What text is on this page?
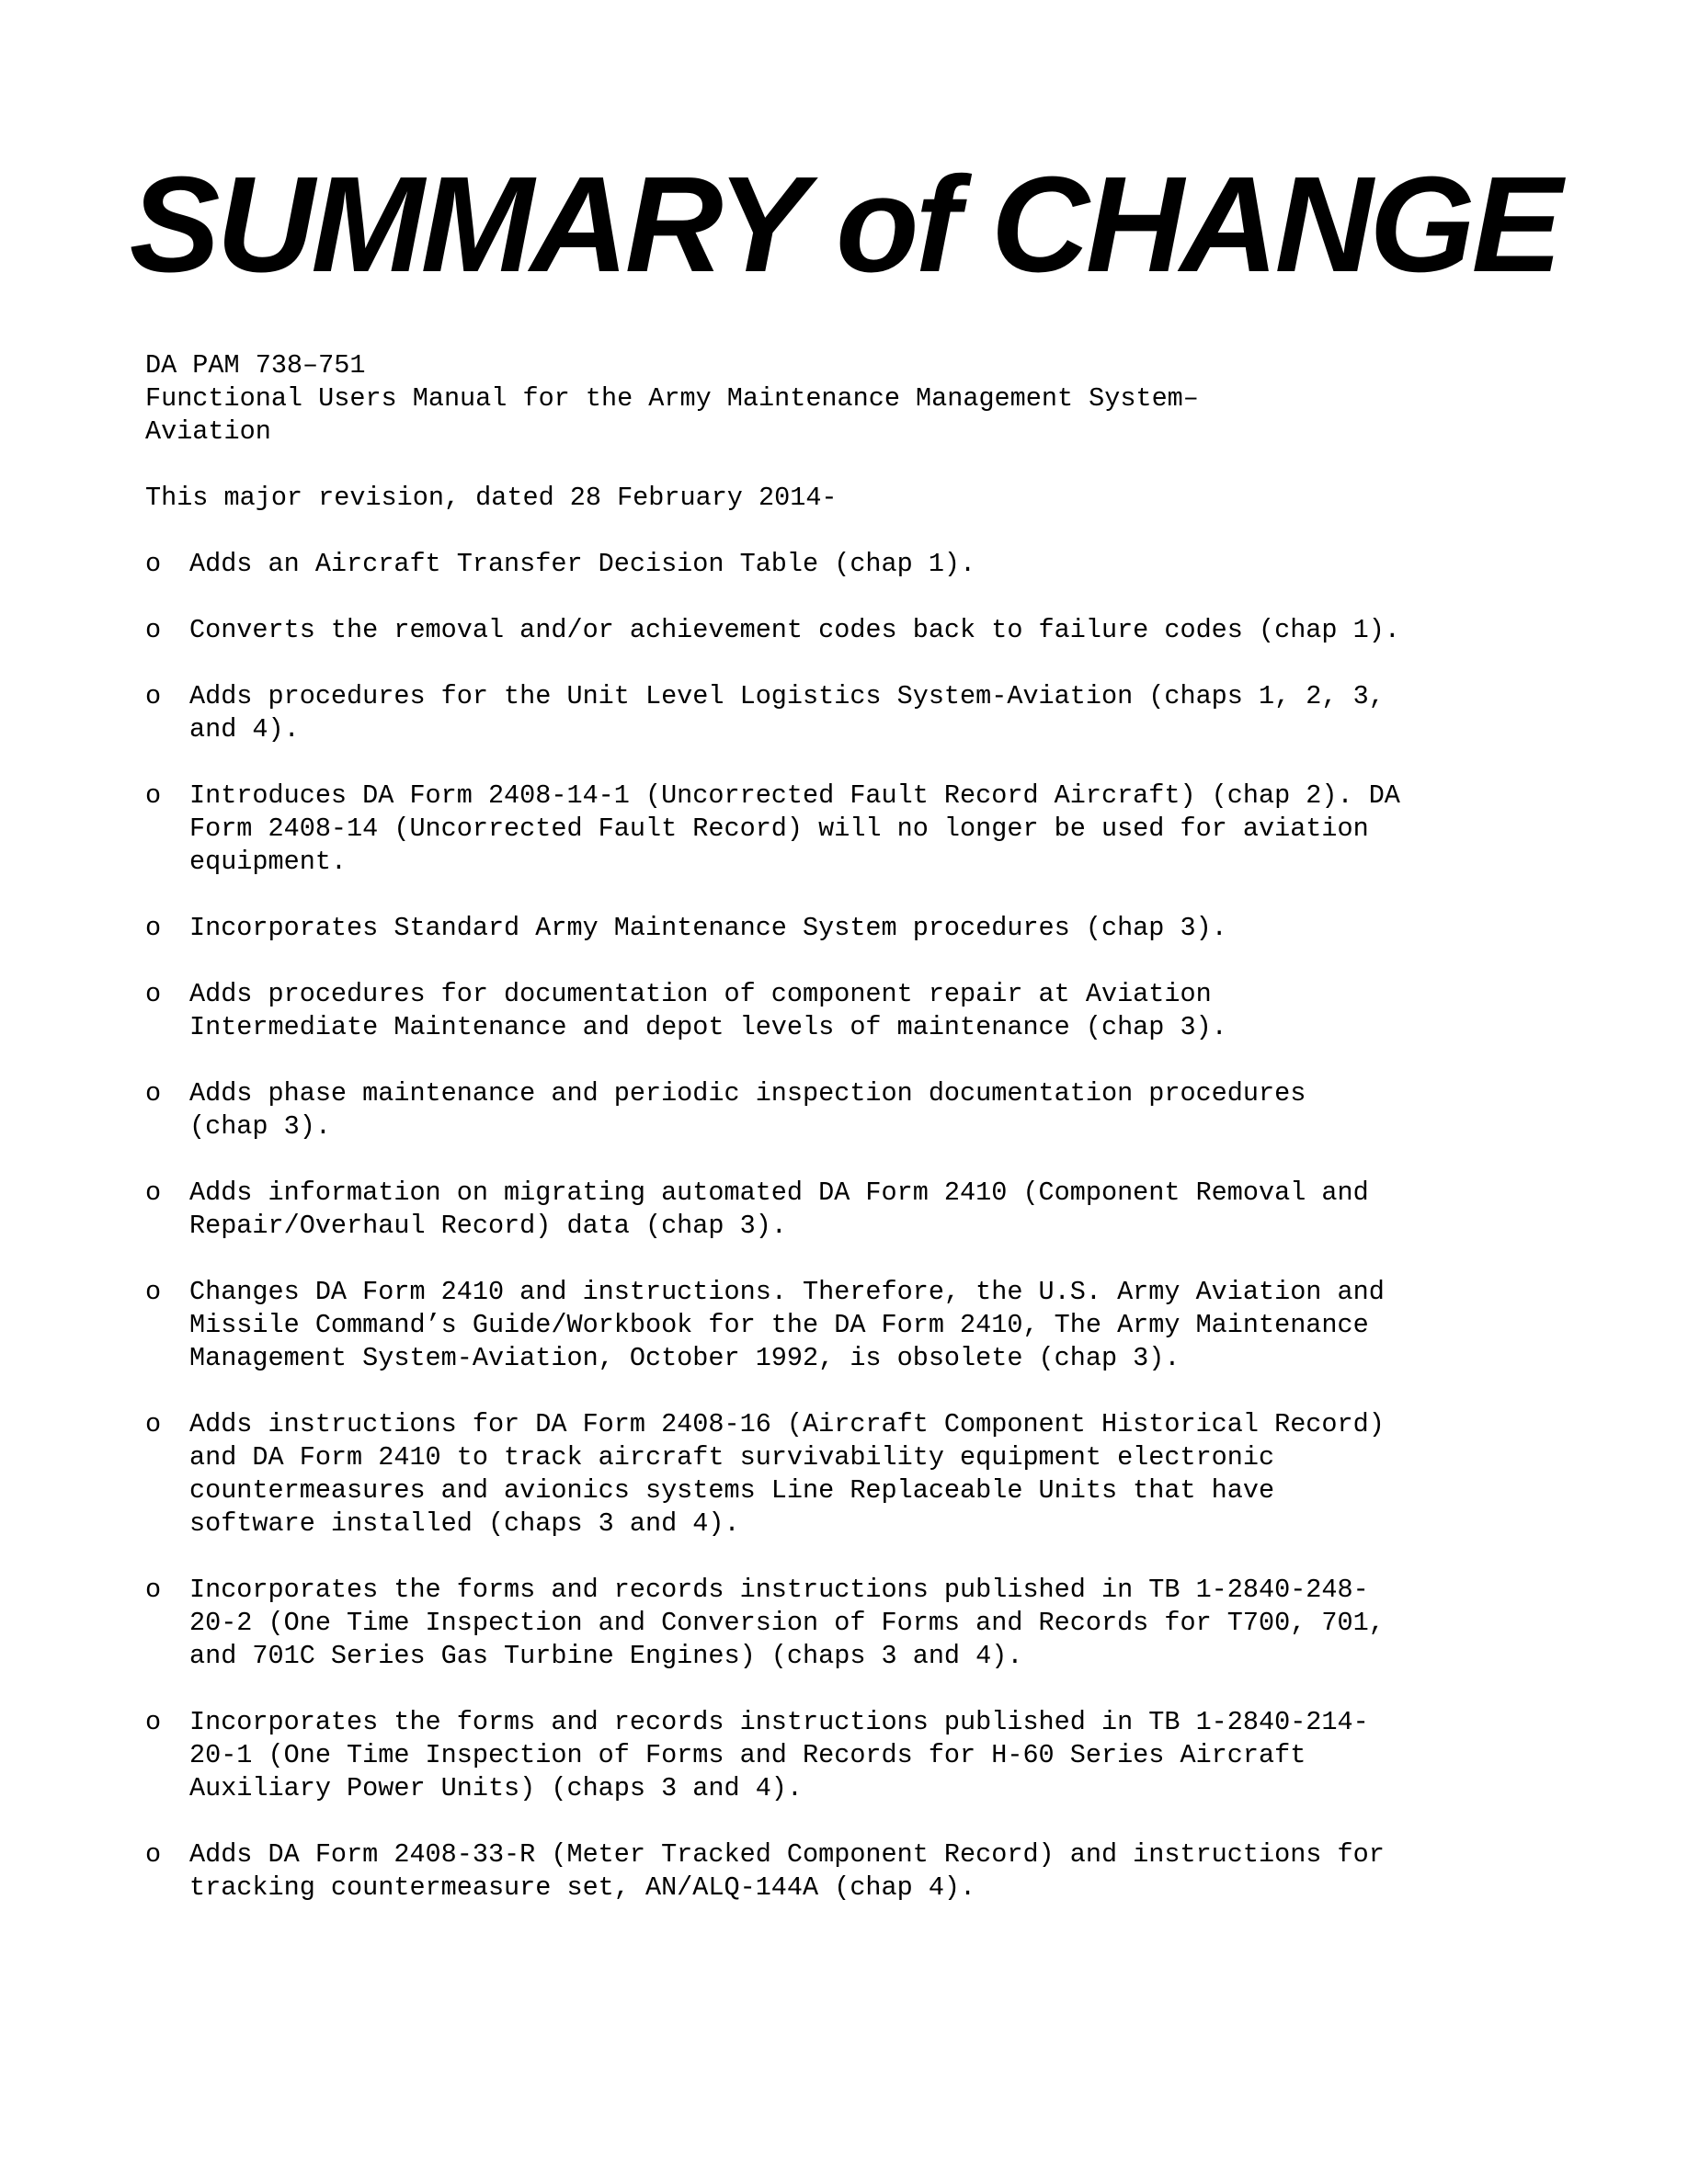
SUMMARY of CHANGE
DA PAM 738–751
Functional Users Manual for the Army Maintenance Management System–
Aviation
This major revision, dated 28 February 2014-
o	Adds an Aircraft Transfer Decision Table (chap 1).
o	Converts the removal and/or achievement codes back to failure codes (chap 1).
o	Adds procedures for the Unit Level Logistics System-Aviation (chaps 1, 2, 3,
and 4).
o	Introduces DA Form 2408-14-1 (Uncorrected Fault Record Aircraft) (chap 2). DA
Form 2408-14 (Uncorrected Fault Record) will no longer be used for aviation
equipment.
o	Incorporates Standard Army Maintenance System procedures (chap 3).
o	Adds procedures for documentation of component repair at Aviation
Intermediate Maintenance and depot levels of maintenance (chap 3).
o	Adds phase maintenance and periodic inspection documentation procedures
(chap 3).
o	Adds information on migrating automated DA Form 2410 (Component Removal and
Repair/Overhaul Record) data (chap 3).
o	Changes DA Form 2410 and instructions. Therefore, the U.S. Army Aviation and
Missile Command’s Guide/Workbook for the DA Form 2410, The Army Maintenance
Management System-Aviation, October 1992, is obsolete (chap 3).
o	Adds instructions for DA Form 2408-16 (Aircraft Component Historical Record)
and DA Form 2410 to track aircraft survivability equipment electronic
countermeasures and avionics systems Line Replaceable Units that have
software installed (chaps 3 and 4).
o	Incorporates the forms and records instructions published in TB 1-2840-248-
20-2 (One Time Inspection and Conversion of Forms and Records for T700, 701,
and 701C Series Gas Turbine Engines) (chaps 3 and 4).
o	Incorporates the forms and records instructions published in TB 1-2840-214-
20-1 (One Time Inspection of Forms and Records for H-60 Series Aircraft
Auxiliary Power Units) (chaps 3 and 4).
o	Adds DA Form 2408-33-R (Meter Tracked Component Record) and instructions for
tracking countermeasure set, AN/ALQ-144A (chap 4).
